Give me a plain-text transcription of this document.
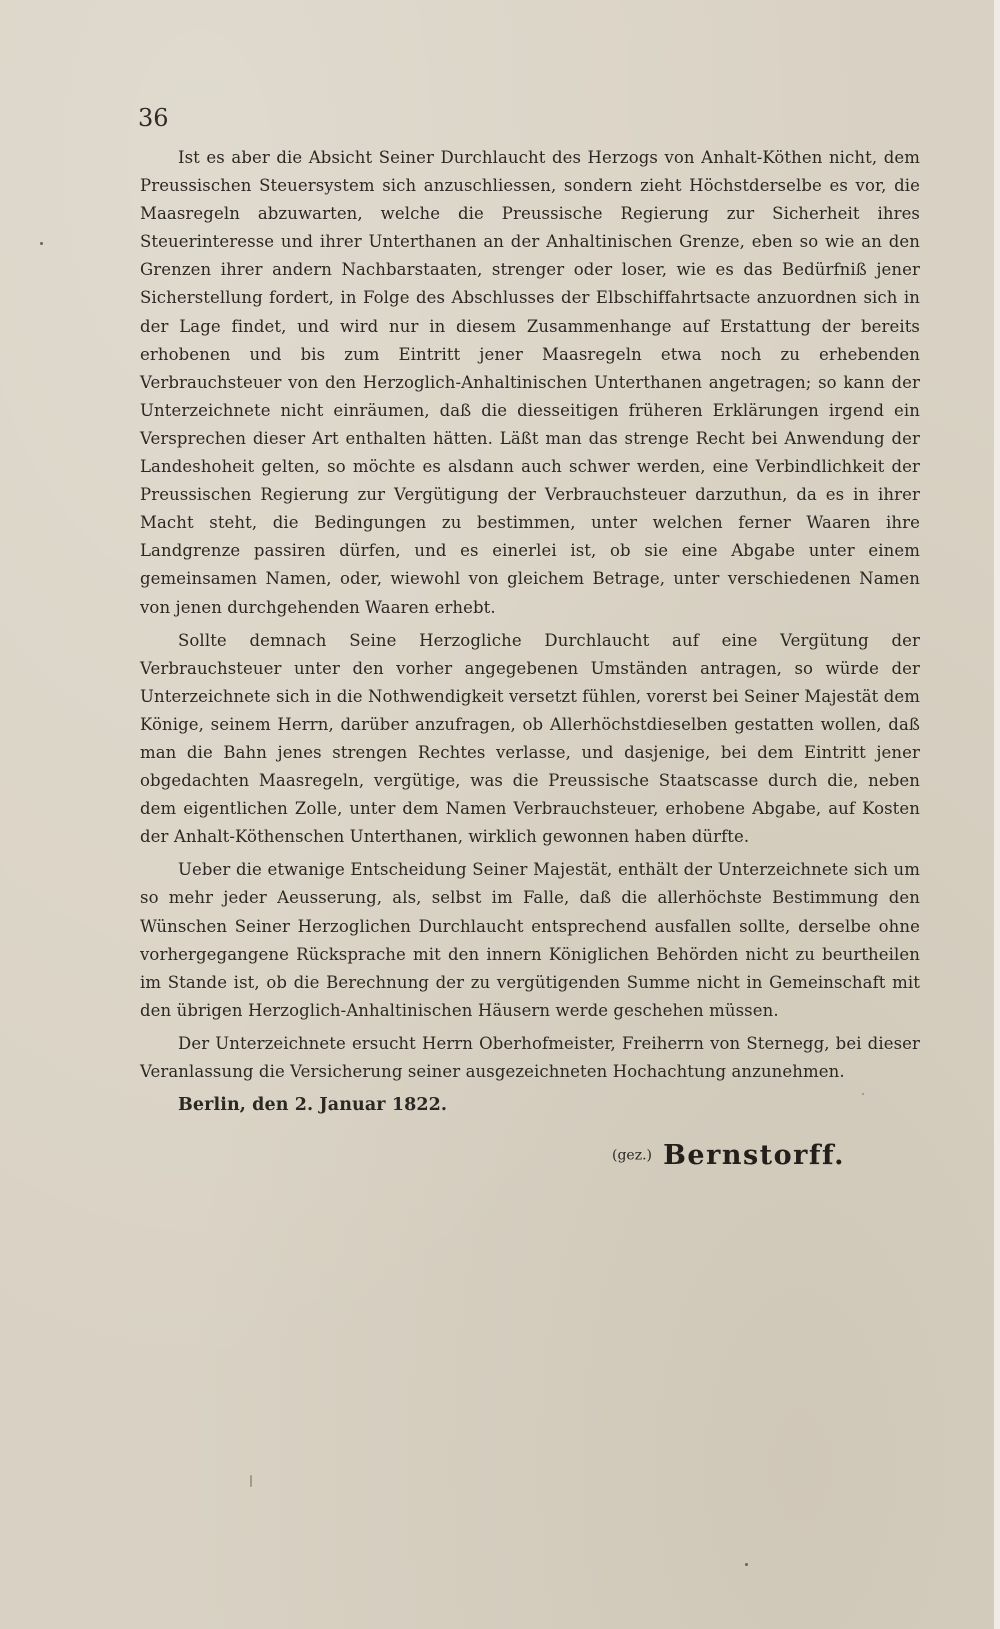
36

Ist es aber die Absicht Seiner Durchlaucht des Herzogs von Anhalt-Köthen nicht, dem Preussischen Steuersystem sich anzuschliessen, sondern zieht Höchstderselbe es vor, die Maasregeln abzuwarten, welche die Preussische Regierung zur Sicherheit ihres Steuerinteresse und ihrer Unterthanen an der Anhaltinischen Grenze, eben so wie an den Grenzen ihrer andern Nachbarstaaten, strenger oder loser, wie es das Bedürfniß jener Sicherstellung fordert, in Folge des Abschlusses der Elbschiffahrtsacte anzuordnen sich in der Lage findet, und wird nur in diesem Zusammenhange auf Erstattung der bereits erhobenen und bis zum Eintritt jener Maasregeln etwa noch zu erhebenden Verbrauchsteuer von den Herzoglich-Anhaltinischen Unterthanen angetragen; so kann der Unterzeichnete nicht einräumen, daß die diesseitigen früheren Erklärungen irgend ein Versprechen dieser Art enthalten hätten. Läßt man das strenge Recht bei Anwendung der Landeshoheit gelten, so möchte es alsdann auch schwer werden, eine Verbindlichkeit der Preussischen Regierung zur Vergütigung der Verbrauchsteuer darzuthun, da es in ihrer Macht steht, die Bedingungen zu bestimmen, unter welchen ferner Waaren ihre Landgrenze passiren dürfen, und es einerlei ist, ob sie eine Abgabe unter einem gemeinsamen Namen, oder, wiewohl von gleichem Betrage, unter verschiedenen Namen von jenen durchgehenden Waaren erhebt.

Sollte demnach Seine Herzogliche Durchlaucht auf eine Vergütung der Verbrauchsteuer unter den vorher angegebenen Umständen antragen, so würde der Unterzeichnete sich in die Nothwendigkeit versetzt fühlen, vorerst bei Seiner Majestät dem Könige, seinem Herrn, darüber anzufragen, ob Allerhöchstdieselben gestatten wollen, daß man die Bahn jenes strengen Rechtes verlasse, und dasjenige, bei dem Eintritt jener obgedachten Maasregeln, vergütige, was die Preussische Staatscasse durch die, neben dem eigentlichen Zolle, unter dem Namen Verbrauchsteuer, erhobene Abgabe, auf Kosten der Anhalt-Köthenschen Unterthanen, wirklich gewonnen haben dürfte.

Ueber die etwanige Entscheidung Seiner Majestät, enthält der Unterzeichnete sich um so mehr jeder Aeusserung, als, selbst im Falle, daß die allerhöchste Bestimmung den Wünschen Seiner Herzoglichen Durchlaucht entsprechend ausfallen sollte, derselbe ohne vorhergegangene Rücksprache mit den innern Königlichen Behörden nicht zu beurtheilen im Stande ist, ob die Berechnung der zu vergütigenden Summe nicht in Gemeinschaft mit den übrigen Herzoglich-Anhaltinischen Häusern werde geschehen müssen.

Der Unterzeichnete ersucht Herrn Oberhofmeister, Freiherrn von Sternegg, bei dieser Veranlassung die Versicherung seiner ausgezeichneten Hochachtung anzunehmen.

Berlin, den 2. Januar 1822.

(gez.) Bernstorff.
